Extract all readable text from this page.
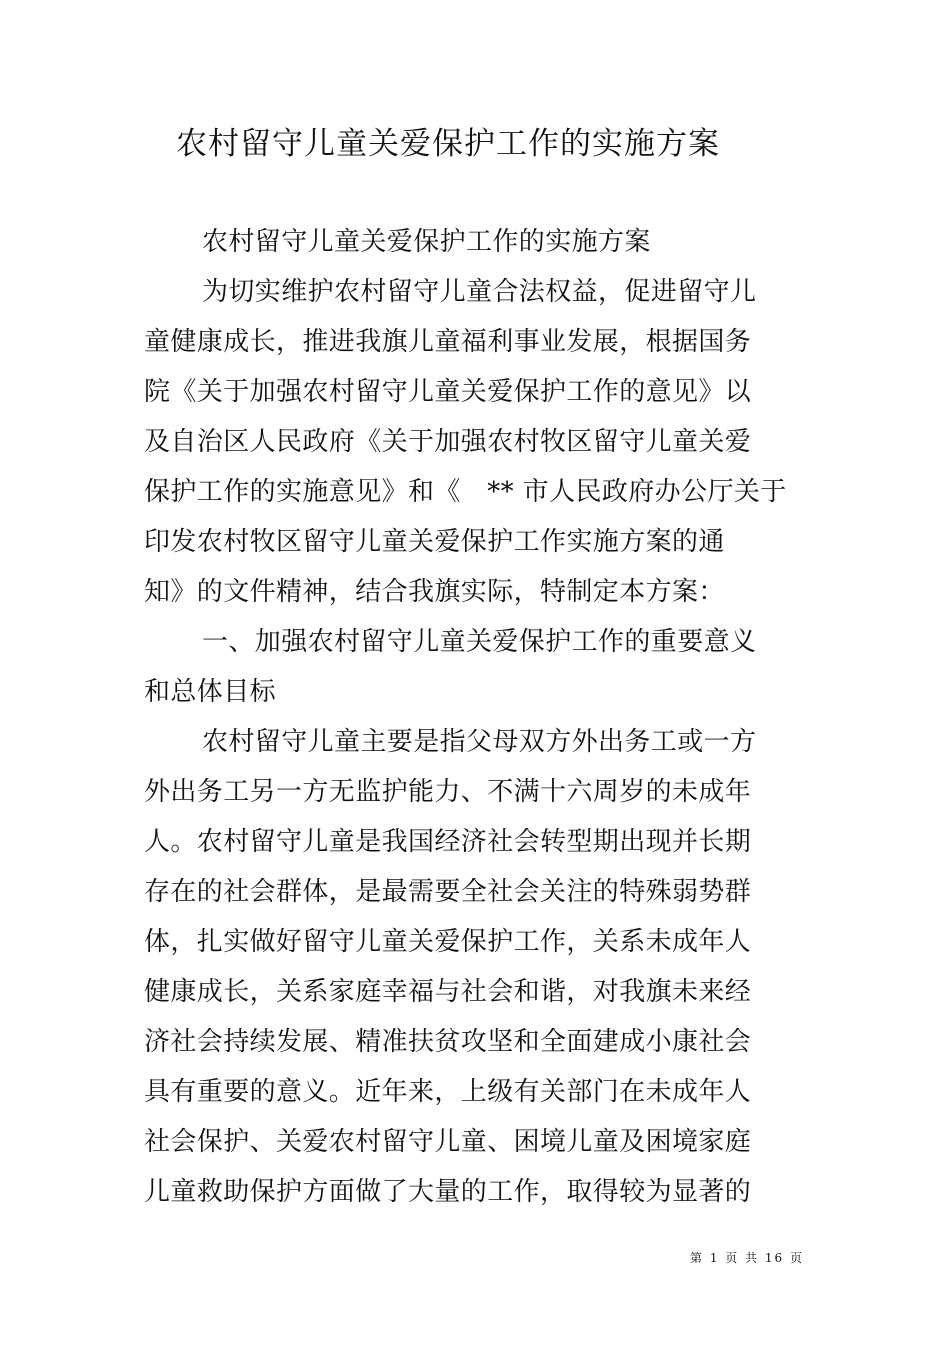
农村留守儿童关爱保护工作的实施方案

农村留守儿童关爱保护工作的实施方案

为切实维护农村留守儿童合法权益，促进留守儿

童健康成长，推进我旗儿童福利事业发展，根据国务

院《关于加强农村留守儿童关爱保护工作的意见》以

及自治区人民政府《关于加强农村牧区留守儿童关爱

保护工作的实施意见》和《　** 市人民政府办公厅关于

印发农村牧区留守儿童关爱保护工作实施方案的通

知》的文件精神，结合我旗实际，特制定本方案：

一、加强农村留守儿童关爱保护工作的重要意义

和总体目标

农村留守儿童主要是指父母双方外出务工或一方

外出务工另一方无监护能力、不满十六周岁的未成年

人。农村留守儿童是我国经济社会转型期出现并长期

存在的社会群体，是最需要全社会关注的特殊弱势群

体，扎实做好留守儿童关爱保护工作，关系未成年人

健康成长，关系家庭幸福与社会和谐，对我旗未来经

济社会持续发展、精准扶贫攻坚和全面建成小康社会

具有重要的意义。近年来，上级有关部门在未成年人

社会保护、关爱农村留守儿童、困境儿童及困境家庭

儿童救助保护方面做了大量的工作，取得较为显著的

第 1 页 共 16 页
